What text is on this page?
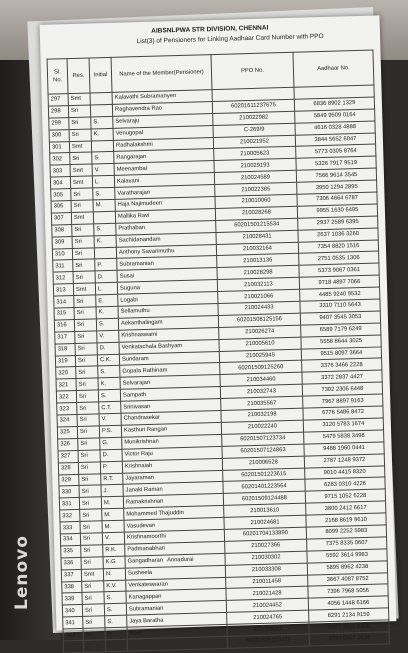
Lenovo
AIBSNLPWA STR DIVISION, CHENNAI
List(3) of Pensioners for Linking Aadhaar Card Number with PPO
Sl. No.	Res.	Initial	Name of the Member(Pensioner)	PPO No.	Aadhaar No.
297	Smt		Kalavathi Subramanyen		
298	Sri		Raghavendra Rao	60201611237675	6836 8902 1329
299	Sri	S.	Selvaraju	210022982	5849 9509 0164
300	Sri	K.	Venugopal	C-269/9	4616 0328 4888
301	Smt		Radhalakshmi	210021952	3844 5652 6047
302	Sri	S.	Rangarajan	210005623	5773 0305 8764
303	Smt	V.	Meenambal	210029193	5326 7917 9519
304	Smt	L.	Kalavani	210024589	7566 9614 3545
305	Sri	S.	Varatharajan	210022385	3950 1294 2895
306	Sri	M.	Haja Najimudeen	210010060	7306 4664 6787
307	Smt		Mallika Ravi	210028268	9955 1630 6495
308	Sri	S.	Prathaban	60201501215534	2937 2589 6395
309	Sri	K.	Sachidanandam	210028431	2637 1036 3260
310	Sri		Anthony Savarimuthu	210032164	7354 8820 1516
311	Sri	P.	Subramanian	210013136	2751 0535 1306
312	Sri	D.	Susai	210028298	5373 9067 0361
313	Smt	L.	Suguna	210032113	9718 4897 7066
314	Sri	E.	Logabi	210021066	4485 9240 9532
315	Sri	K.	Sellamuthu	210024433	3310 7110 5643
316	Sri	S.	Aekanthalingam	60201508125156	9407 3545 3053
317	Sri	V.	Krishnaswami	210026274	6589 7179 6249
318	Sri	D.	Venkatachala Bashyam	210005610	5558 8644 3025
319	Sri	C.K.	Sundaram	210025945	9515 8097 3664
320	Sri	S.	Gopala Rathinam	60201509125260	3376 3466 2228
321	Sri	K.	Selvarajan	210034460	3372 2837 4427
322	Sri	S.	Sampath	210032743	7302 2306 6448
323	Sri	C.T.	Srinivasan	210035567	7967 8897 9163
324	Sri	V.	Chandrasekar	210032198	6776 5486 8472
325	Sri	P.S.	Kasthuri Rangan	210022240	3120 5783 1674
326	Sri	G.	Munikrishnan	60201507123734	5479 5838 3498
327	Sri	D.	Victor Raju	60201507124863	9488 1960 0441
328	Sri	P.	Krishnaiah	210006528	2787 1248 9372
329	Sri	R.T.	Jayaraman	60201501223615	9010 4415 8320
330	Sri	J.	Janaki Raman	60201401223564	6283 0310 4226
331	Sri	M.	Ramakrishnan	60201509124488	9715 1052 6228
332	Sri	M.	Mohammed Thajuddin	210013610	3800 2412 6617
333	Sri	M.	Vasudevan	210024681	2168 8619 9610
334	Sri	V.	Krishnamoorthi	60201704133890	8099 2252 5983
335	Sri	R.K.	Padmanabhan	210027366	7375 8335 0607
336	Sri	K.G	Gangadharan Annadurai	210030302	5592 3614 9983
337	Smt	N.	Susheela	210033308	5895 8962 4238
338	Sri	K.V.	Venkateswaran	210011458	3667 4087 8752
339	Sri	S.	Kanagappan	210021428	7396 7968 5056
340	Sri	S.	Subramanian	210024452	4056 1448 6166
341	Sri	S.	Jaya Baratha	210024765	8291 2134 9159
342	Sri	R.	Ravi	210028205	8657 2015 8420
				60201505123458	3734 0907 1626
